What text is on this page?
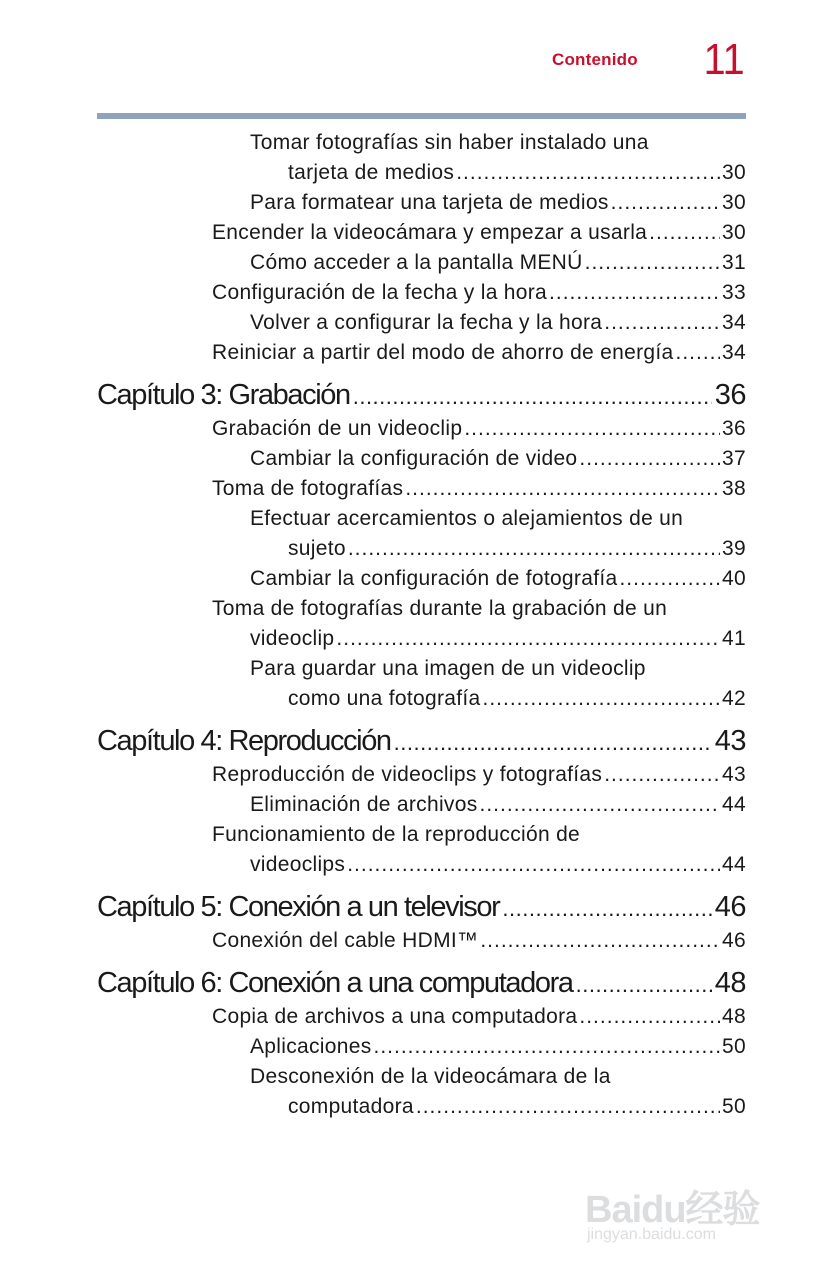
Contenido 11
Tomar fotografías sin haber instalado una
tarjeta de medios .....	30
Para formatear una tarjeta de medios .....	30
Encender la videocámara y empezar a usarla .....	30
Cómo acceder a la pantalla MENÚ .....	31
Configuración de la fecha y la hora .....	33
Volver a configurar la fecha y la hora .....	34
Reiniciar a partir del modo de ahorro de energía ..... 34
Capítulo 3: Grabación .....	36
Grabación de un videoclip .....	36
Cambiar la configuración de video .....	37
Toma de fotografías .....	38
Efectuar acercamientos o alejamientos de un
sujeto .....	39
Cambiar la configuración de fotografía .....	40
Toma de fotografías durante la grabación de un
videoclip .....	41
Para guardar una imagen de un videoclip
como una fotografía .....	42
Capítulo 4: Reproducción .....	43
Reproducción de videoclips y fotografías .....	43
Eliminación de archivos .....	44
Funcionamiento de la reproducción de
videoclips .....	44
Capítulo 5: Conexión a un televisor .....	46
Conexión del cable HDMI™ .....	46
Capítulo 6: Conexión a una computadora .....	48
Copia de archivos a una computadora .....	48
Aplicaciones .....	50
Desconexión de la videocámara de la
computadora .....	50
Baidu经验
jingyan.baidu.com
